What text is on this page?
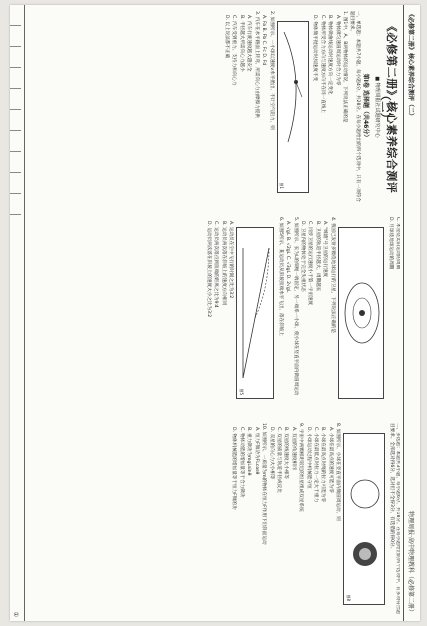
《必修第二册》核心素养综合测评（二）
物理周报·高中物理教科（必修第二册）
《必修第二册》核心素养综合测评（二）
■ 物理周报社试题研究中心
第Ⅰ卷 选择题（共46分）
一、单选题：本题共7小题，每小题4分，共28分。在每小题给出的四个选项中，只有一项符合题目要求。
1. 图1中，A、B两物体的运动情况，下列说法正确的是
A. 物体做匀速圆周运动时合力为零
B. 物体做曲线运动时速度方向一定变化
C. 物体所受合力方向与速度方向不在同一直线上
D. 物体做平抛运动时加速度不变
图1
2. 如图所示，一小球以速度v水平抛出，不计空气阻力，则
A. Fa B. Fb C. Fc D. Fd
3. 汽车在水平路面上转弯，所需向心力由摩擦力提供
A. 汽车行驶速度越大越安全
B. 半径越大所需向心力越小
C. 汽车受到重力、支持力和向心力
D. 以上说法都不正确
C. 木星绕太阳运动的周期
D. 月球绕地球运动的周期
4. 我国已发射多颗绕地球运行的卫星，下列说法正确的是
A. "嫦娥"号卫星的运行速度
B. 卫星的轨道半径越大，周期越长
C. 同步卫星的运行速度小于第一宇宙速度
D. 卫星内的物体处于完全失重状态
5. 如图所示，长为L的细绳一端固定，另一端系一小球，使小球在竖直平面内做圆周运动
A. √gL B. √2gL C. √3gL D. 2√gL
6. 如图5所示，某运动员从斜坡顶端水平飞出，落在斜坡上
图5
A. 运动员在空中飞行的时间之比为3∶2
B. 运动员两次落在斜坡上的速度方向相同
C. 运动员两次落点到顶端的距离之比为9∶4
D. 运动员两次落在斜坡上的速度大小之比为3∶2
二、多选题：本题共3小题，每小题6分，共18分。在每小题给出的四个选项中，有多项符合题目要求。全部选对得6分，选对但不全得3分，有选错的得0分。
图8
8. 如图所示，小球在竖直平面内做圆周运动，则
A. 小球在最高点的速度可能为零
B. 小球在最高点时绳的拉力可能为零
C. 小球在最低点时拉力一定大于重力
D. 小球运动过程中机械能守恒
9. 宇宙中两颗相距较近的恒星组成双星系统
A. 双星的角速度相同
B. 双星的线速度大小相等
C. 双星的质量与轨道半径成反比
D. 双星的向心力大小相等
10. 如图所示，一质量为m的物体在恒力F作用下沿斜面运动
A. 恒力F做功为FLcosθ
B. 重力做功为mgLsinθ
C. 物体动能的增加量等于合力做功
D. 物体机械能的增加量等于恒力F做的功
①
